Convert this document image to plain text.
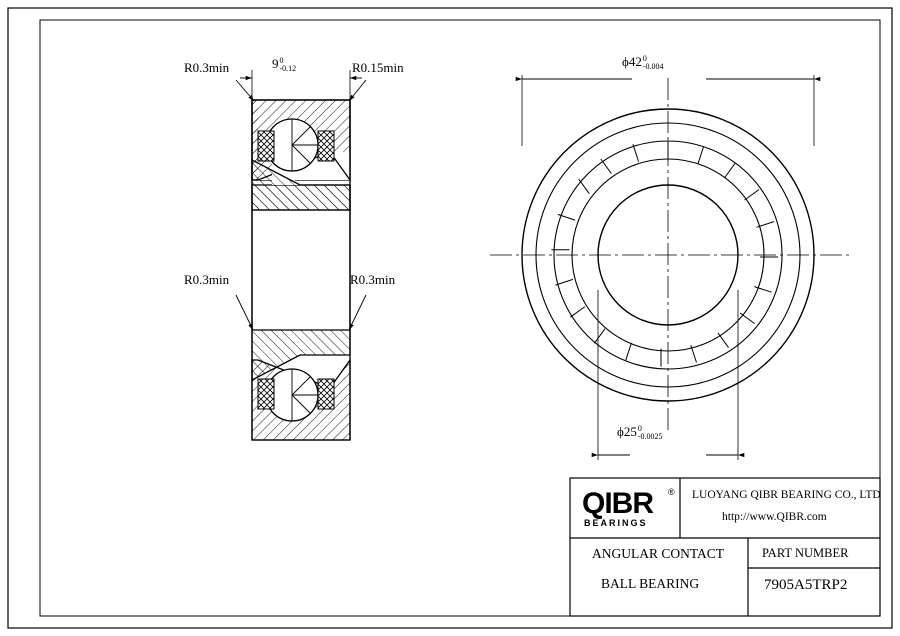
R0.3min	R0.15min
R0.3min	R0.3min
9 0
-0.12	ϕ42 0
-0.004
ϕ25 0
-0.0025
QIBR ®
BEARINGS
LUOYANG QIBR BEARING CO., LTD
http://www.QIBR.com
ANGULAR CONTACT
BALL BEARING
PART NUMBER
7905A5TRP2
